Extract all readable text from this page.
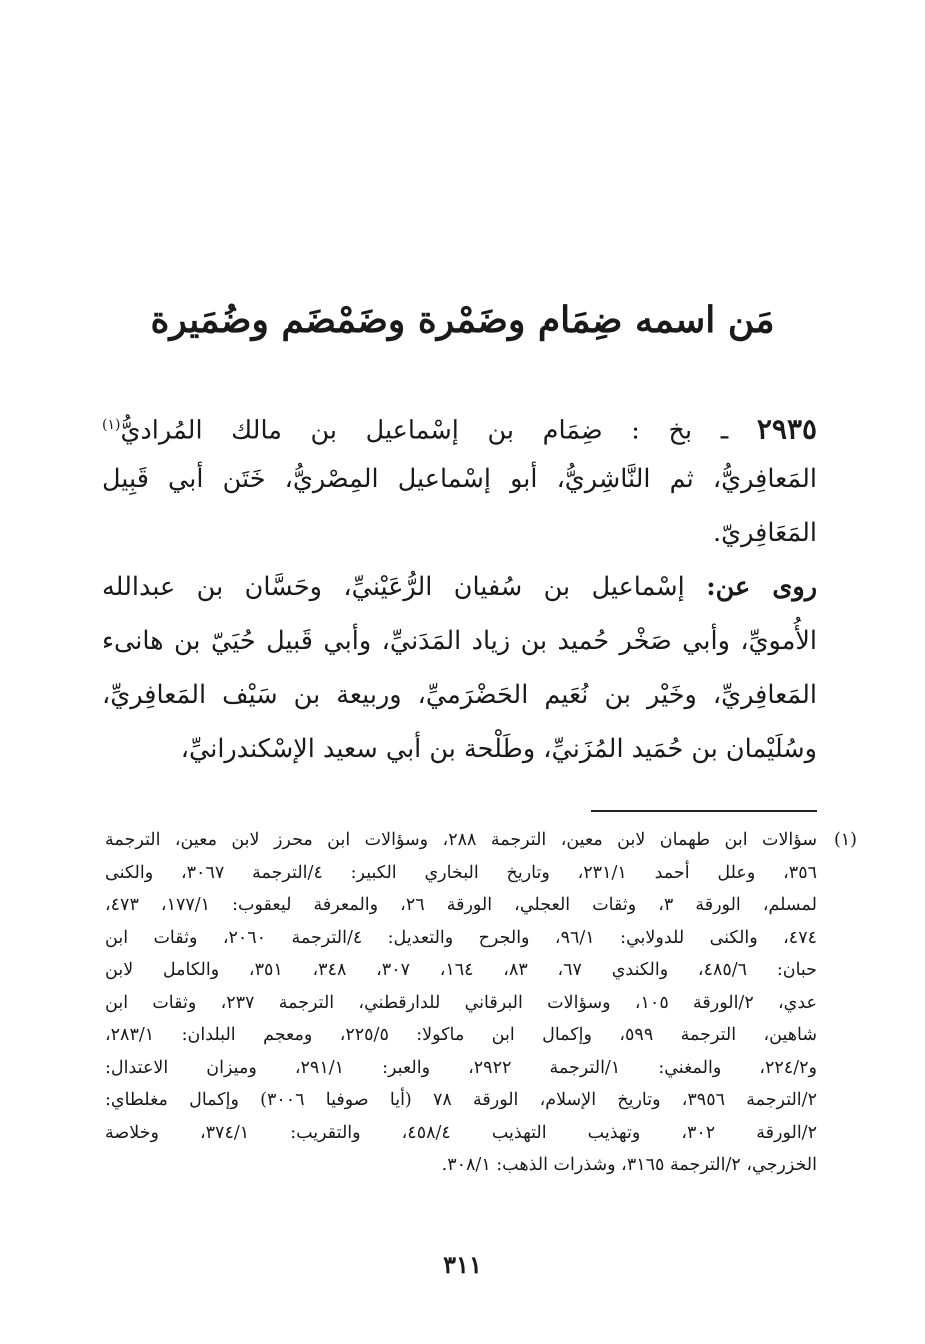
مَن اسمه ضِمَام وضَمْرة وضَمْضَم وضُمَيرة
٢٩٣٥ ـ بخ : ضِمَام بن إسْماعيل بن مالك المُراديُّ$^{(١)}$
المَعافِريُّ، ثم النَّاشِريُّ، أبو إسْماعيل المِصْريُّ، خَتَن أبي قَبِيل
المَعَافِريّ.
روى عن: إسْماعيل بن سُفيان الرُّعَيْنيِّ، وحَسَّان بن عبدالله
الأُمويِّ، وأبي صَخْر حُميد بن زياد المَدَنيِّ، وأبي قَبيل حُيَيّ بن هانىء
المَعافِريِّ، وخَيْر بن نُعَيم الحَضْرَميِّ، وربيعة بن سَيْف المَعافِريِّ،
وسُلَيْمان بن حُمَيد المُزَنيِّ، وطَلْحة بن أبي سعيد الإسْكندرانيِّ،
(١)
سؤالات ابن طهمان لابن معين، الترجمة ٢٨٨، وسؤالات ابن محرز لابن معين، الترجمة
٣٥٦، وعلل أحمد ٢٣١/١، وتاريخ البخاري الكبير: ٤/الترجمة ٣٠٦٧، والكنى
لمسلم، الورقة ٣، وثقات العجلي، الورقة ٢٦، والمعرفة ليعقوب: ١٧٧/١، ٤٧٣،
٤٧٤، والكنى للدولابي: ٩٦/١، والجرح والتعديل: ٤/الترجمة ٢٠٦٠، وثقات ابن
حبان: ٤٨٥/٦، والكندي ٦٧، ٨٣، ١٦٤، ٣٠٧، ٣٤٨، ٣٥١، والكامل لابن
عدي، ٢/الورقة ١٠٥، وسؤالات البرقاني للدارقطني، الترجمة ٢٣٧، وثقات ابن
شاهين، الترجمة ٥٩٩، وإكمال ابن ماكولا: ٢٢٥/٥، ومعجم البلدان: ٢٨٣/١،
و٢٢٤/٢، والمغني: ١/الترجمة ٢٩٢٢، والعبر: ٢٩١/١، وميزان الاعتدال:
٢/الترجمة ٣٩٥٦، وتاريخ الإسلام، الورقة ٧٨ (أيا صوفيا ٣٠٠٦) وإكمال مغلطاي:
٢/الورقة ٣٠٢، وتهذيب التهذيب ٤٥٨/٤، والتقريب: ٣٧٤/١، وخلاصة
الخزرجي، ٢/الترجمة ٣١٦٥، وشذرات الذهب: ٣٠٨/١.
٣١١
